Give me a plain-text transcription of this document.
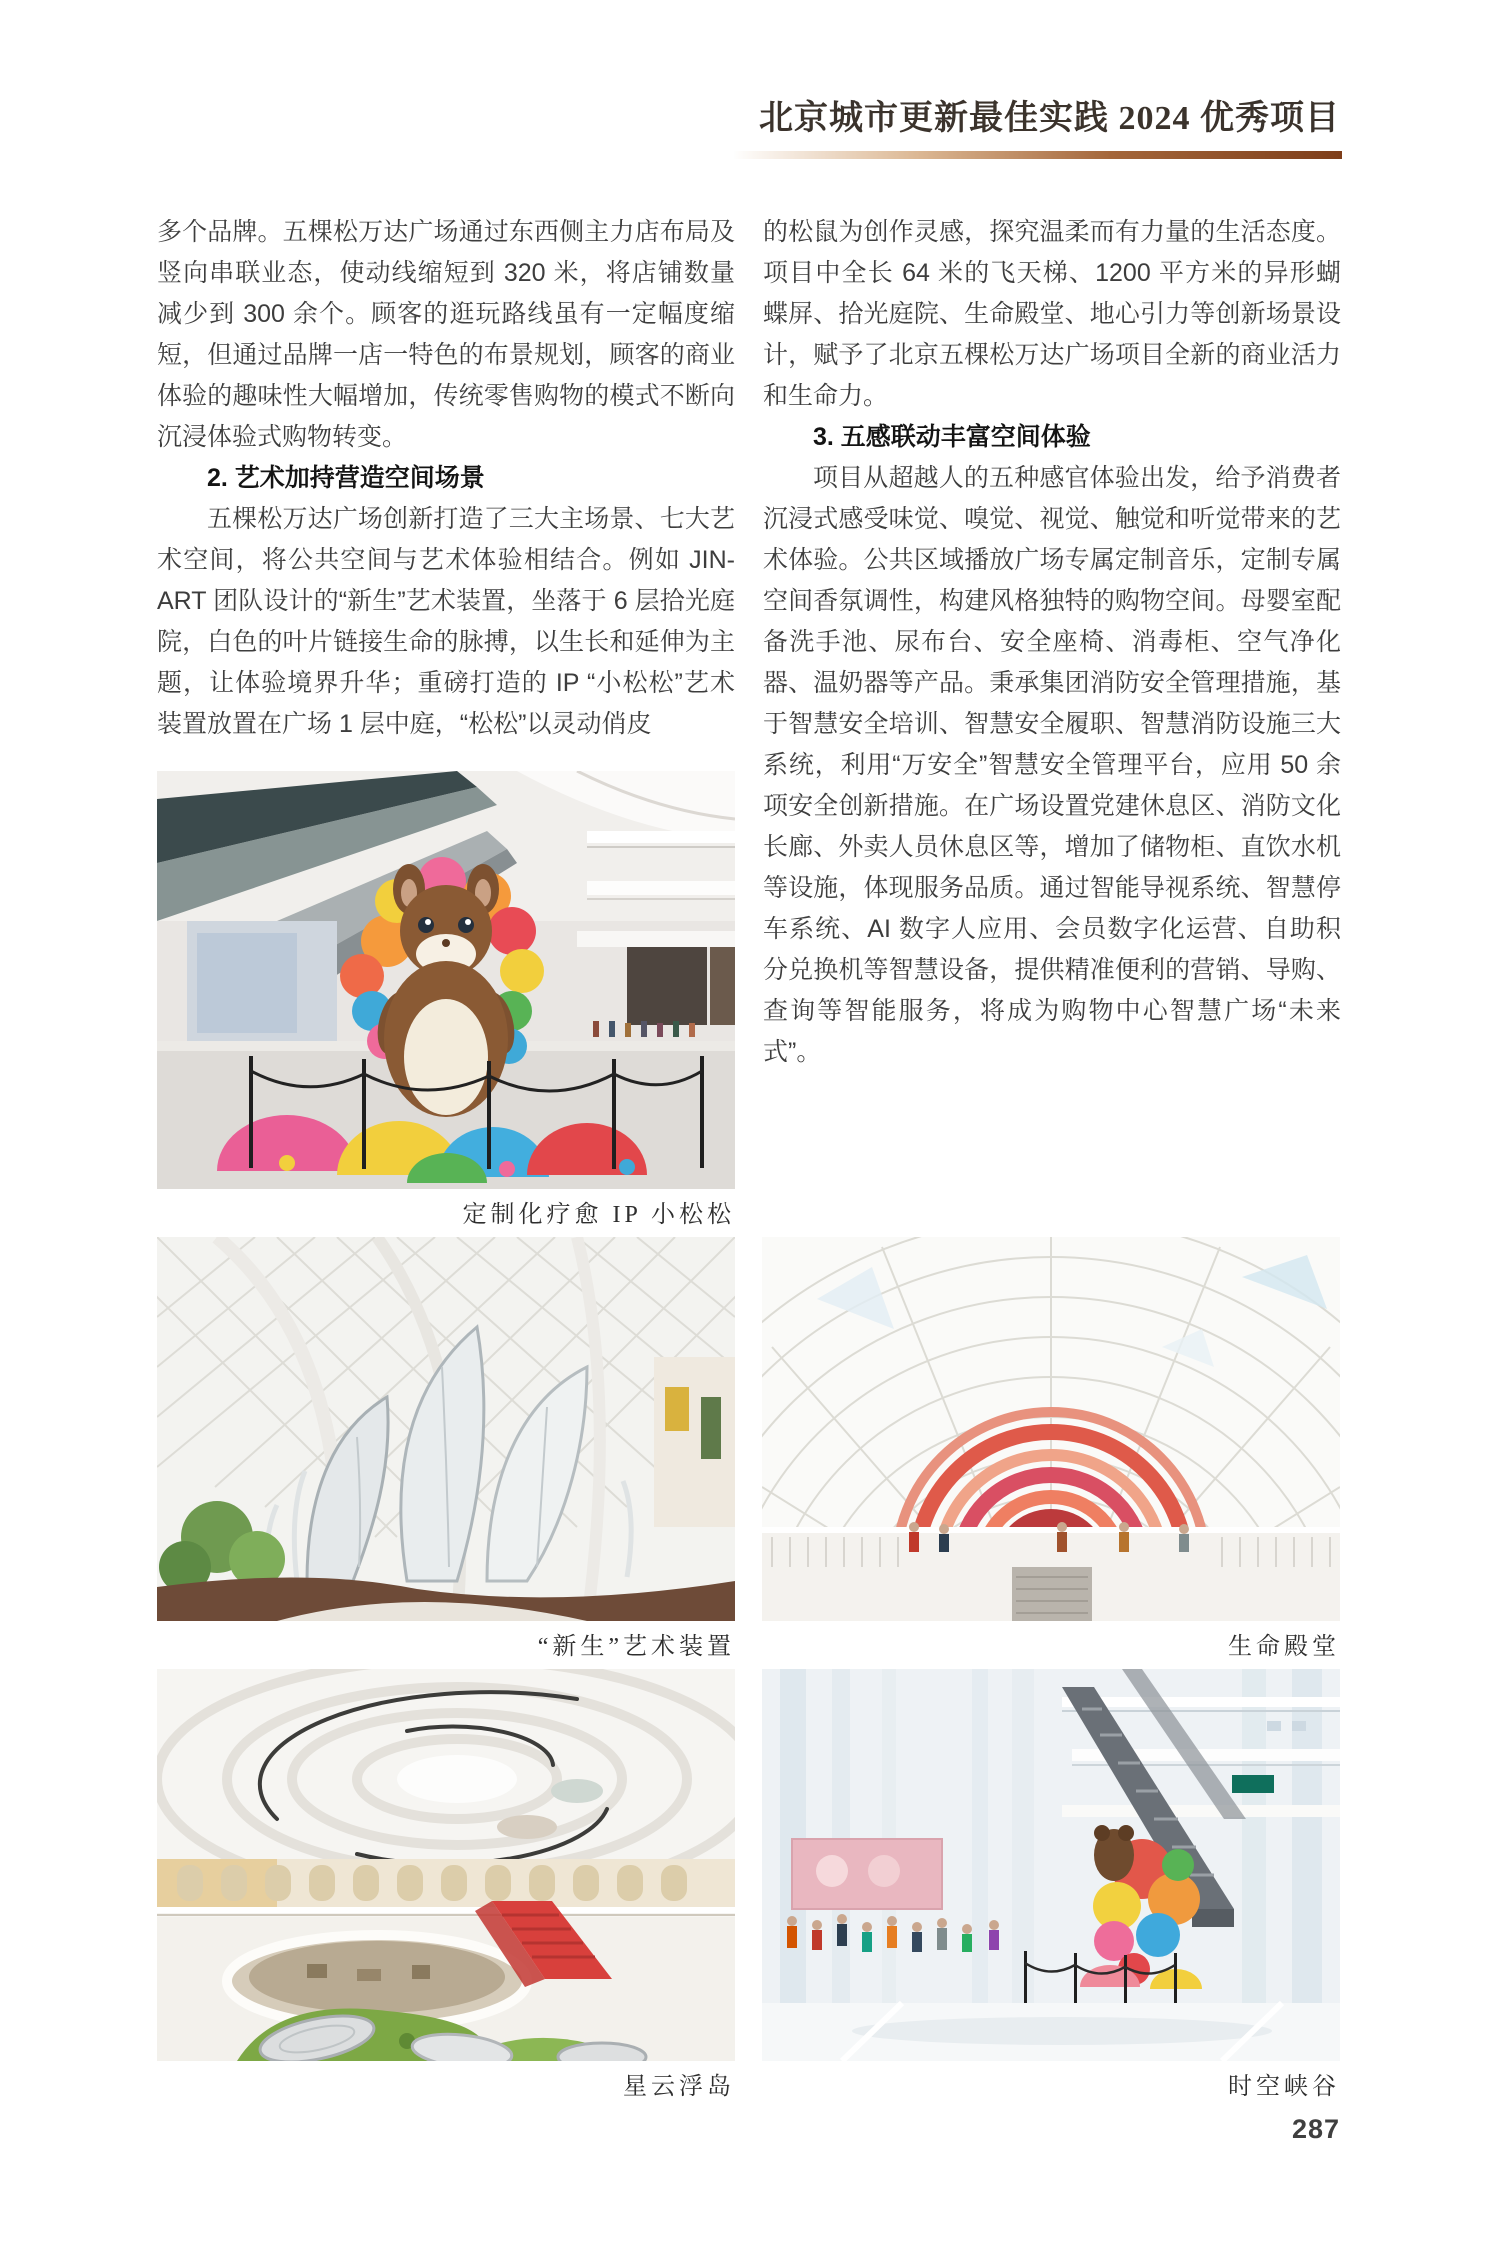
北京城市更新最佳实践 2024 优秀项目

多个品牌。五棵松万达广场通过东西侧主力店布局及竖向串联业态，使动线缩短到 320 米，将店铺数量减少到 300 余个。顾客的逛玩路线虽有一定幅度缩短，但通过品牌一店一特色的布景规划，顾客的商业体验的趣味性大幅增加，传统零售购物的模式不断向沉浸体验式购物转变。

2. 艺术加持营造空间场景

五棵松万达广场创新打造了三大主场景、七大艺术空间，将公共空间与艺术体验相结合。例如 JIN-ART 团队设计的“新生”艺术装置，坐落于 6 层拾光庭院，白色的叶片链接生命的脉搏，以生长和延伸为主题，让体验境界升华；重磅打造的 IP “小松松”艺术装置放置在广场 1 层中庭，“松松”以灵动俏皮

定制化疗愈 IP 小松松

的松鼠为创作灵感，探究温柔而有力量的生活态度。项目中全长 64 米的飞天梯、1200 平方米的异形蝴蝶屏、拾光庭院、生命殿堂、地心引力等创新场景设计，赋予了北京五棵松万达广场项目全新的商业活力和生命力。

3. 五感联动丰富空间体验

项目从超越人的五种感官体验出发，给予消费者沉浸式感受味觉、嗅觉、视觉、触觉和听觉带来的艺术体验。公共区域播放广场专属定制音乐，定制专属空间香氛调性，构建风格独特的购物空间。母婴室配备洗手池、尿布台、安全座椅、消毒柜、空气净化器、温奶器等产品。秉承集团消防安全管理措施，基于智慧安全培训、智慧安全履职、智慧消防设施三大系统，利用“万安全”智慧安全管理平台，应用 50 余项安全创新措施。在广场设置党建休息区、消防文化长廊、外卖人员休息区等，增加了储物柜、直饮水机等设施，体现服务品质。通过智能导视系统、智慧停车系统、AI 数字人应用、会员数字化运营、自助积分兑换机等智慧设备，提供精准便利的营销、导购、查询等智能服务，将成为购物中心智慧广场“未来式”。

“新生”艺术装置	生命殿堂
星云浮岛	时空峡谷
287
